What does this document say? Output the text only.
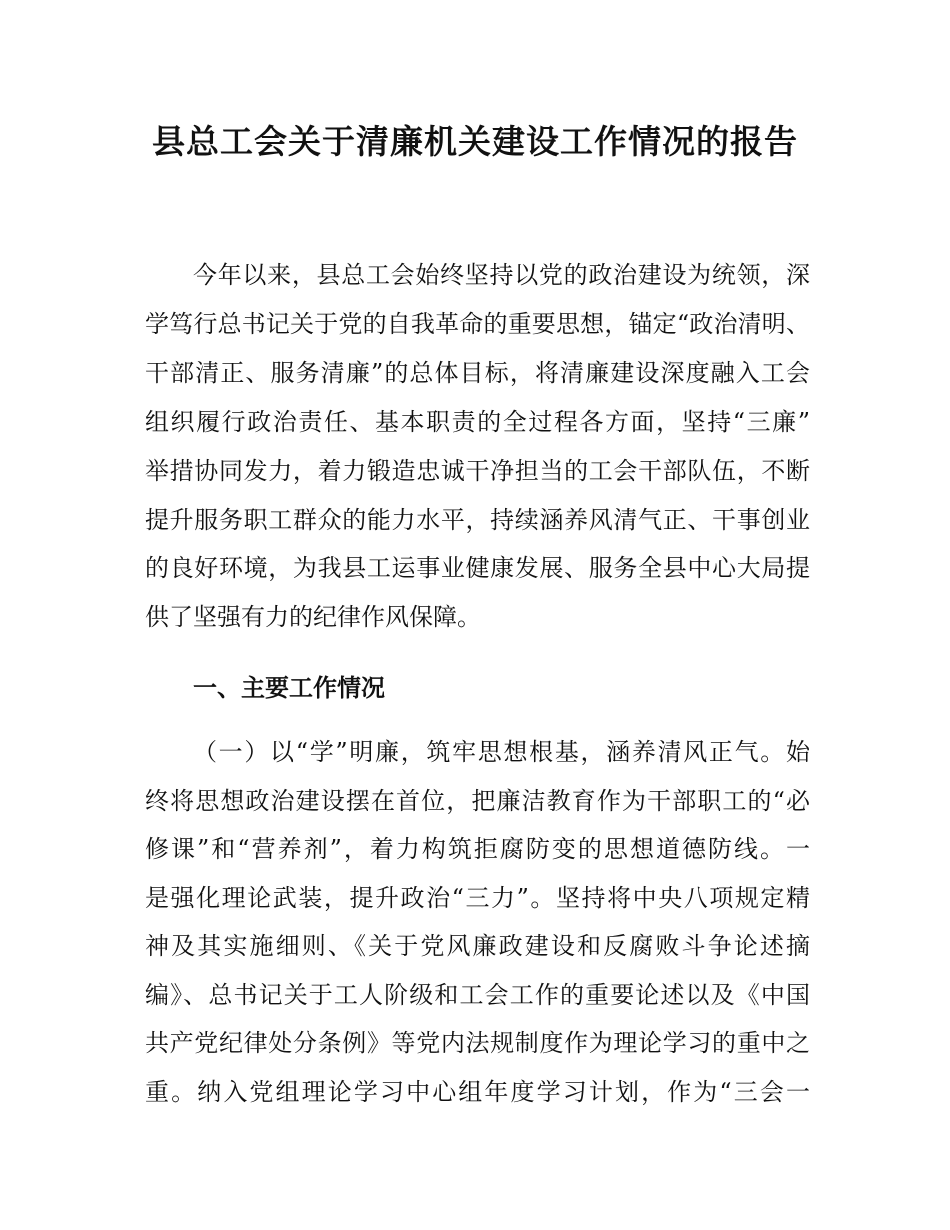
县总工会关于清廉机关建设工作情况的报告
今年以来，县总工会始终坚持以党的政治建设为统领，深
学笃行总书记关于党的自我革命的重要思想，锚定“政治清明、
干部清正、服务清廉”的总体目标，将清廉建设深度融入工会
组织履行政治责任、基本职责的全过程各方面，坚持“三廉”
举措协同发力，着力锻造忠诚干净担当的工会干部队伍，不断
提升服务职工群众的能力水平，持续涵养风清气正、干事创业
的良好环境，为我县工运事业健康发展、服务全县中心大局提
供了坚强有力的纪律作风保障。
一、主要工作情况
（一）以“学”明廉，筑牢思想根基，涵养清风正气。始
终将思想政治建设摆在首位，把廉洁教育作为干部职工的“必
修课”和“营养剂”，着力构筑拒腐防变的思想道德防线。一
是强化理论武装，提升政治“三力”。坚持将中央八项规定精
神及其实施细则、《关于党风廉政建设和反腐败斗争论述摘
编》、总书记关于工人阶级和工会工作的重要论述以及《中国
共产党纪律处分条例》等党内法规制度作为理论学习的重中之
重。纳入党组理论学习中心组年度学习计划，作为“三会一
